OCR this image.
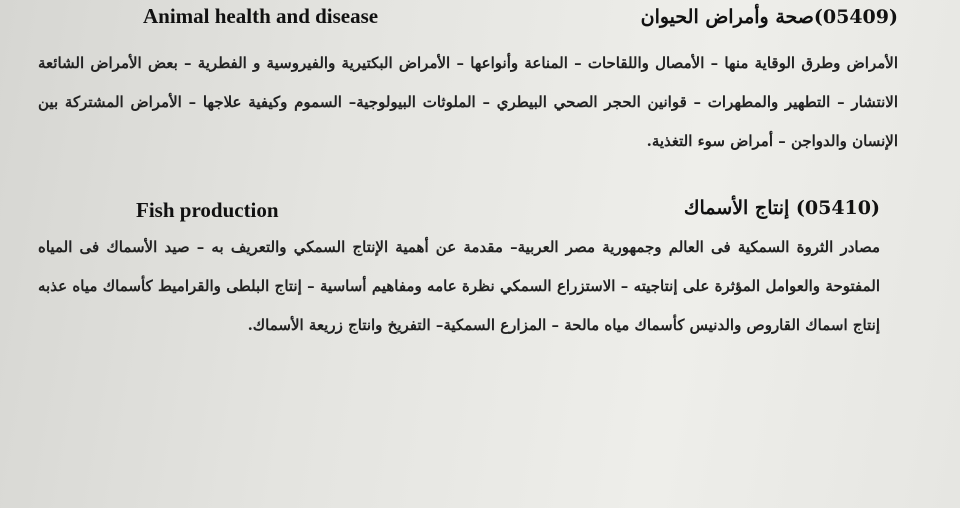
Animal health and disease	(05409)صحة وأمراض الحيوان
الأمراض وطرق الوقاية منها – الأمصال واللقاحات – المناعة وأنواعها – الأمراض البكتيرية والفيروسية و الفطرية – بعض الأمراض الشائعة الانتشار – التطهير والمطهرات – قوانين الحجر الصحي البيطري – الملوثات البيولوجية– السموم وكيفية علاجها – الأمراض المشتركة بين الإنسان والدواجن – أمراض سوء التغذية.
Fish production	(05410) إنتاج الأسماك
مصادر الثروة السمكية فى العالم وجمهورية مصر العربية– مقدمة عن أهمية الإنتاج السمكي والتعريف به – صيد الأسماك فى المياه المفتوحة والعوامل المؤثرة على إنتاجيته – الاستزراع السمكي نظرة عامه ومفاهيم أساسية – إنتاج البلطى والقراميط كأسماك مياه عذبه إنتاج اسماك القاروص والدنيس كأسماك مياه مالحة – المزارع السمكية– التفريخ وانتاج زريعة الأسماك.
